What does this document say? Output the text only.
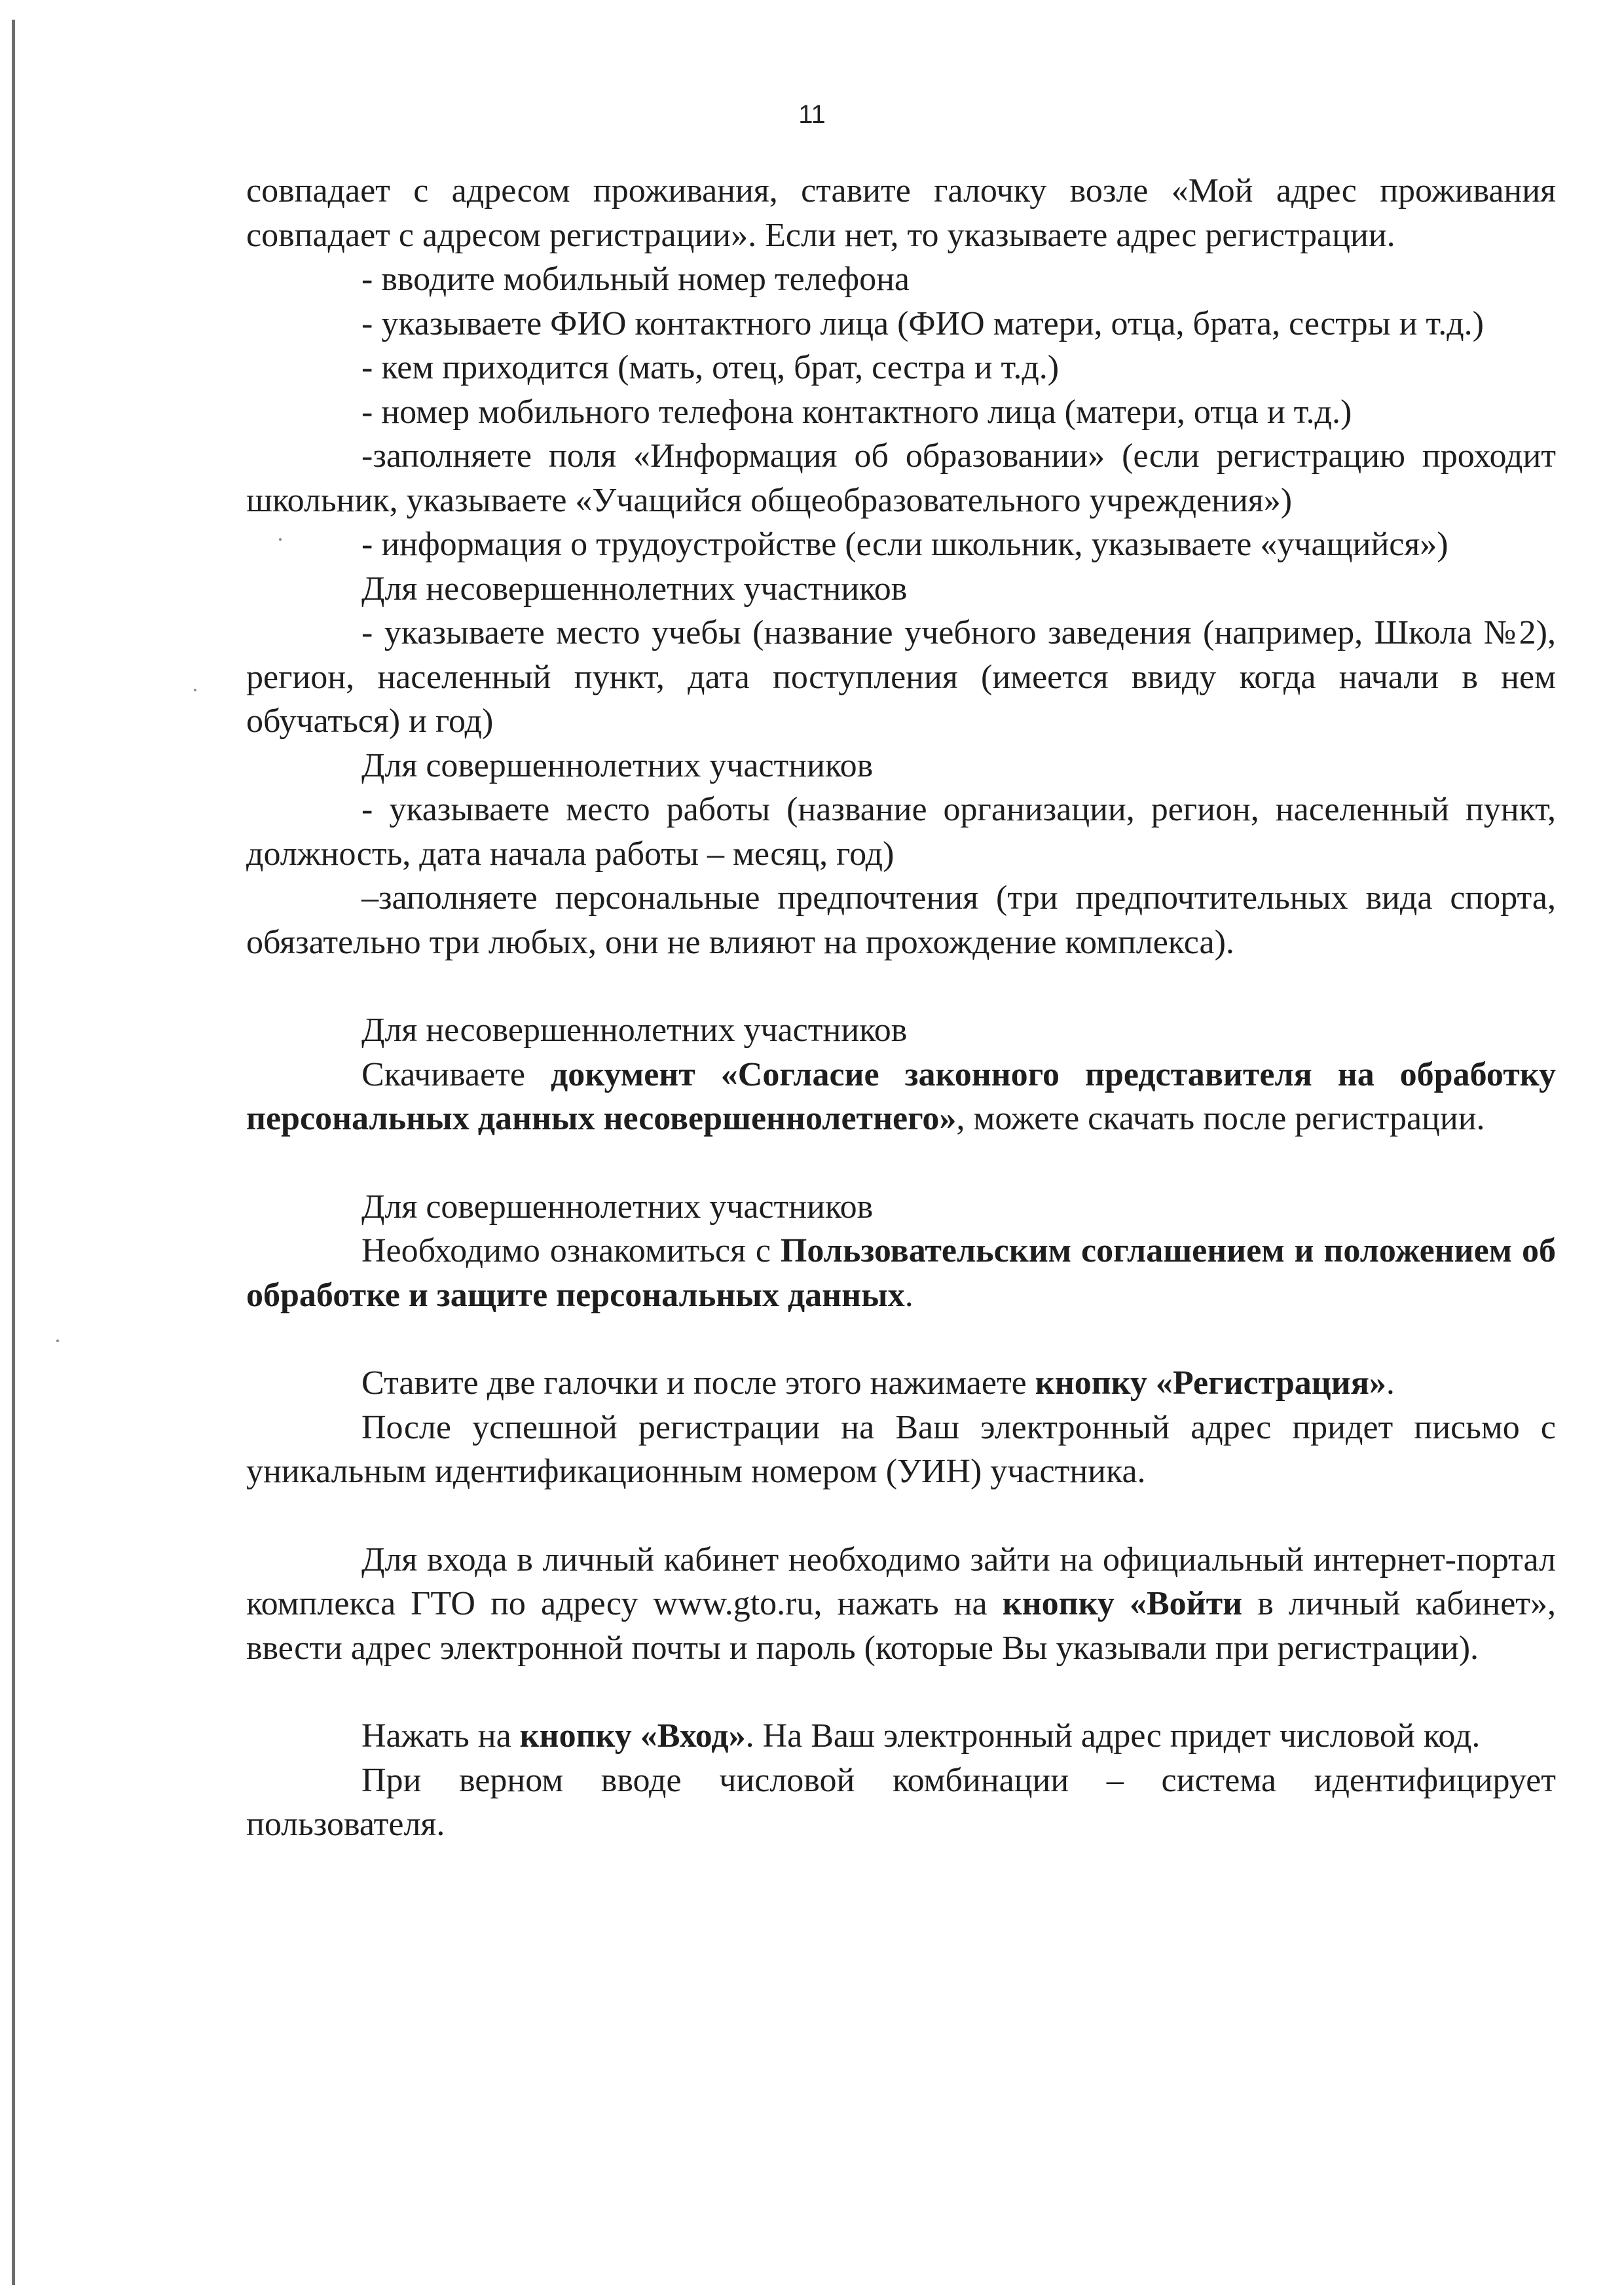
11

совпадает с адресом проживания, ставите галочку возле «Мой адрес проживания совпадает с адресом регистрации». Если нет, то указываете адрес регистрации.

- вводите мобильный номер телефона

- указываете ФИО контактного лица (ФИО матери, отца, брата, сестры и т.д.)

- кем приходится (мать, отец, брат, сестра и т.д.)

- номер мобильного телефона контактного лица (матери, отца и т.д.)

-заполняете поля «Информация об образовании» (если регистрацию проходит школьник, указываете «Учащийся общеобразовательного учреждения»)

- информация о трудоустройстве (если школьник, указываете «учащийся»)

Для несовершеннолетних участников

- указываете место учебы (название учебного заведения (например, Школа №2), регион, населенный пункт, дата поступления (имеется ввиду когда начали в нем обучаться) и год)

Для совершеннолетних участников

- указываете место работы (название организации, регион, населенный пункт, должность, дата начала работы – месяц, год)

–заполняете персональные предпочтения (три предпочтительных вида спорта, обязательно три любых, они не влияют на прохождение комплекса).

Для несовершеннолетних участников

Скачиваете документ «Согласие законного представителя на обработку персональных данных несовершеннолетнего», можете скачать после регистрации.

Для совершеннолетних участников

Необходимо ознакомиться с Пользовательским соглашением и положением об обработке и защите персональных данных.

Ставите две галочки и после этого нажимаете кнопку «Регистрация».

После успешной регистрации на Ваш электронный адрес придет письмо с уникальным идентификационным номером (УИН) участника.

Для входа в личный кабинет необходимо зайти на официальный интернет-портал комплекса ГТО по адресу www.gto.ru, нажать на кнопку «Войти в личный кабинет», ввести адрес электронной почты и пароль (которые Вы указывали при регистрации).

Нажать на кнопку «Вход». На Ваш электронный адрес придет числовой код.

При верном вводе числовой комбинации – система идентифицирует пользователя.
